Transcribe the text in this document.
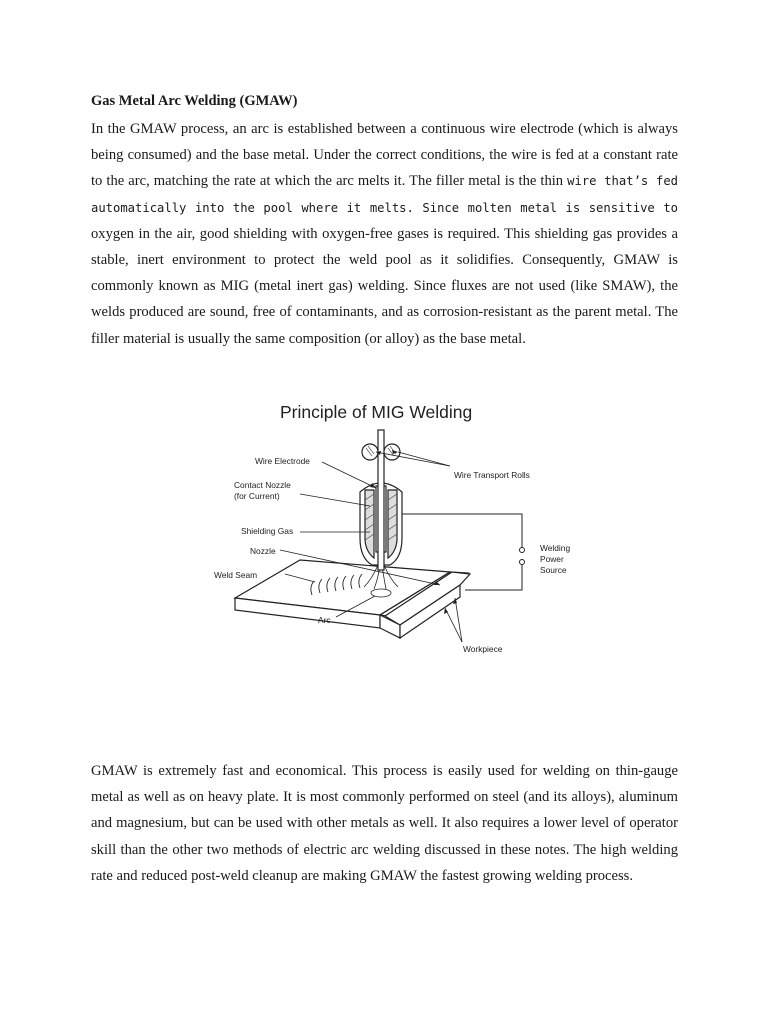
Gas Metal Arc Welding (GMAW)

In the GMAW process, an arc is established between a continuous wire electrode (which is always being consumed) and the base metal. Under the correct conditions, the wire is fed at a constant rate to the arc, matching the rate at which the arc melts it. The filler metal is the thin wire that’s fed automatically into the pool where it melts. Since molten metal is sensitive to oxygen in the air, good shielding with oxygen-free gases is required. This shielding gas provides a stable, inert environment to protect the weld pool as it solidifies. Consequently, GMAW is commonly known as MIG (metal inert gas) welding. Since fluxes are not used (like SMAW), the welds produced are sound, free of contaminants, and as corrosion-resistant as the parent metal. The filler material is usually the same composition (or alloy) as the base metal.

Principle of MIG Welding
Wire Electrode
Wire Transport Rolls
Contact Nozzle
(for Current)
Shielding Gas
Nozzle
Weld Seam
Welding
Power
Source
Arc
Workpiece

GMAW is extremely fast and economical. This process is easily used for welding on thin-gauge metal as well as on heavy plate. It is most commonly performed on steel (and its alloys), aluminum and magnesium, but can be used with other metals as well. It also requires a lower level of operator skill than the other two methods of electric arc welding discussed in these notes. The high welding rate and reduced post-weld cleanup are making GMAW the fastest growing welding process.
